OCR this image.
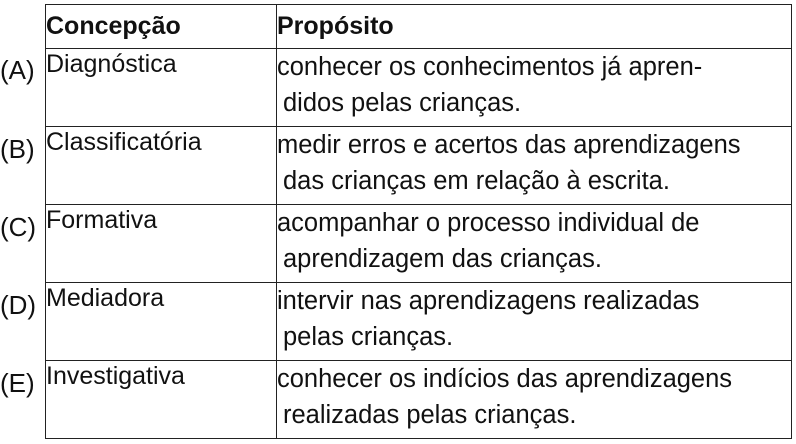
(A)
(B)
(C)
(D)
(E)
Concepção	Propósito
Diagnóstica	conhecer os conhecimentos já apren-
didos pelas crianças.

Classificatória	medir erros e acertos das aprendizagens
das crianças em relação à escrita.

Formativa	acompanhar o processo individual de
aprendizagem das crianças.

Mediadora	intervir nas aprendizagens realizadas
pelas crianças.

Investigativa	conhecer os indícios das aprendizagens
realizadas pelas crianças.
